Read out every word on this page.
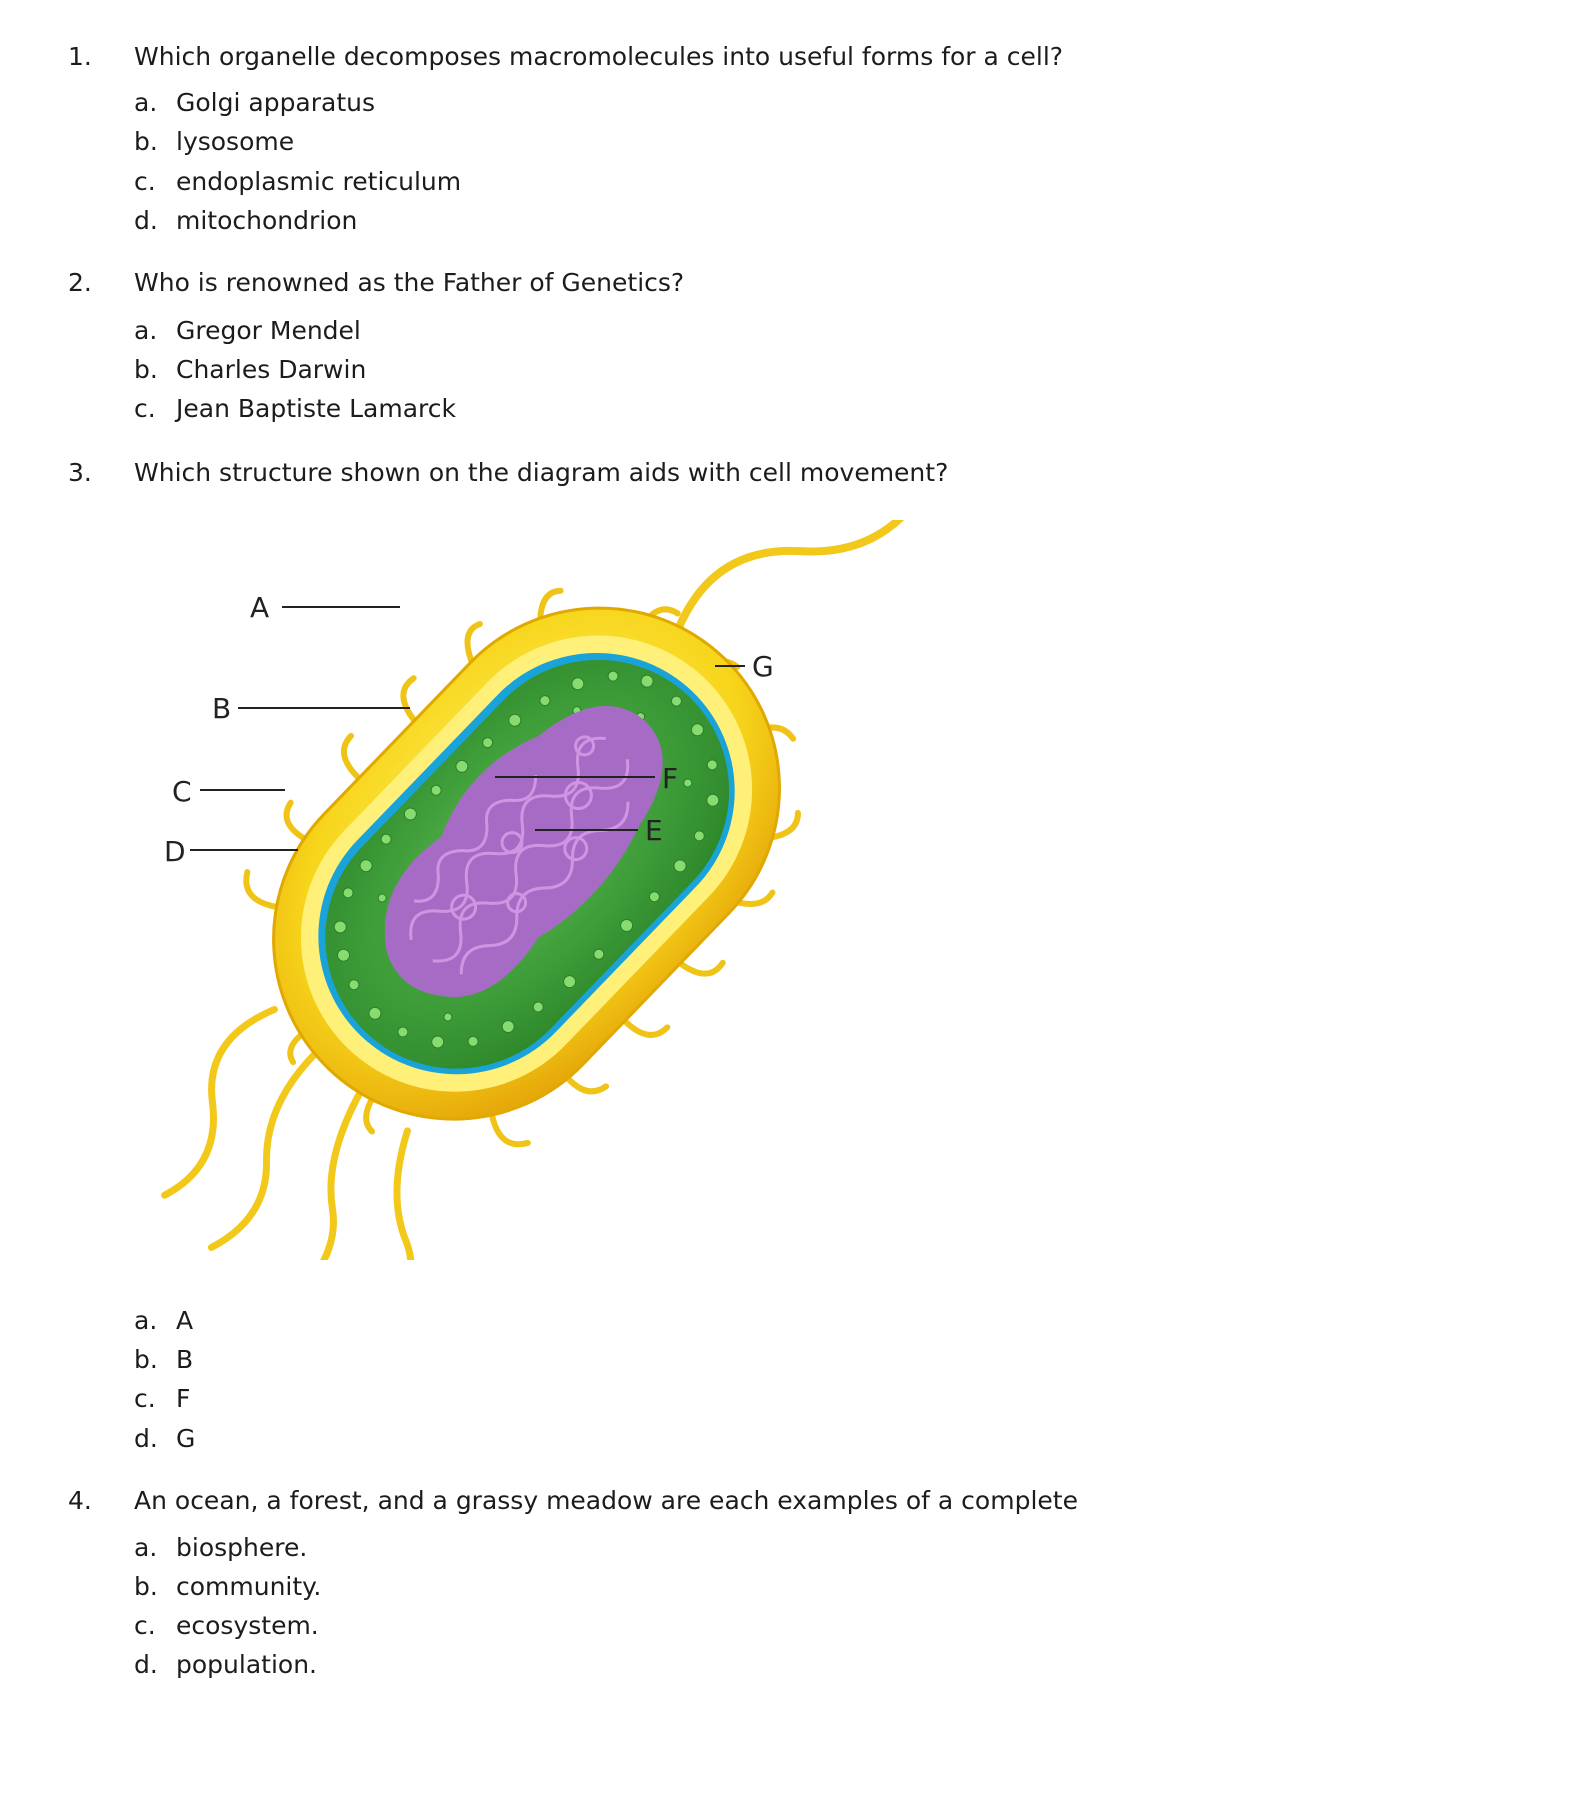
1. Which organelle decomposes macromolecules into useful forms for a cell?
a. Golgi apparatus
b. lysosome
c. endoplasmic reticulum
d. mitochondrion
2. Who is renowned as the Father of Genetics?
a. Gregor Mendel
b. Charles Darwin
c. Jean Baptiste Lamarck
3. Which structure shown on the diagram aids with cell movement?
A
B
C
D
E
F
G
a. A
b. B
c. F
d. G
4. An ocean, a forest, and a grassy meadow are each examples of a complete
a. biosphere.
b. community.
c. ecosystem.
d. population.
